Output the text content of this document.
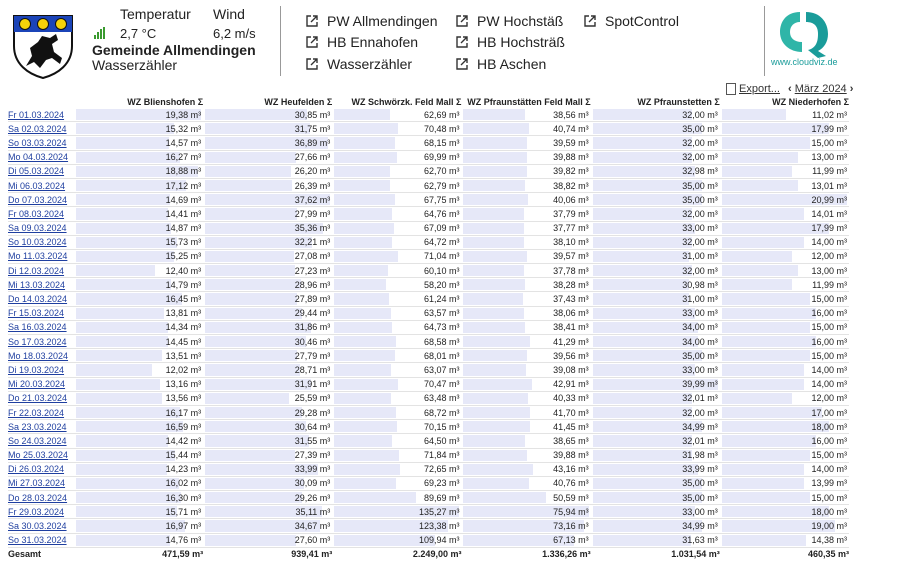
Temperatur Wind
2,7 °C	6,2 m/s
Gemeinde Allmendingen
Wasserzähler
PW Allmendingen
HB Ennahofen
Wasserzähler
PW Hochstäß
HB Hochsträß
HB Aschen
SpotControl
www.cloudviz.de
Export... ‹ März 2024 ›
	WZ Blienshofen Σ	WZ Heufelden Σ	WZ Schwörzk. Feld Mall Σ	WZ Pfraunstätten Feld Mall Σ	WZ Pfraunstetten Σ	WZ Niederhofen Σ
Fr 01.03.2024	19,38 m³	30,85 m³	62,69 m³	38,56 m³	32,00 m³	11,02 m³

Sa 02.03.2024	15,32 m³	31,75 m³	70,48 m³	40,74 m³	35,00 m³	17,99 m³

So 03.03.2024	14,57 m³	36,89 m³	68,15 m³	39,59 m³	32,00 m³	15,00 m³

Mo 04.03.2024	16,27 m³	27,66 m³	69,99 m³	39,88 m³	32,00 m³	13,00 m³

Di 05.03.2024	18,88 m³	26,20 m³	62,70 m³	39,82 m³	32,98 m³	11,99 m³

Mi 06.03.2024	17,12 m³	26,39 m³	62,79 m³	38,82 m³	35,00 m³	13,01 m³

Do 07.03.2024	14,69 m³	37,62 m³	67,75 m³	40,06 m³	35,00 m³	20,99 m³

Fr 08.03.2024	14,41 m³	27,99 m³	64,76 m³	37,79 m³	32,00 m³	14,01 m³

Sa 09.03.2024	14,87 m³	35,36 m³	67,09 m³	37,77 m³	33,00 m³	17,99 m³

So 10.03.2024	15,73 m³	32,21 m³	64,72 m³	38,10 m³	32,00 m³	14,00 m³

Mo 11.03.2024	15,25 m³	27,08 m³	71,04 m³	39,57 m³	31,00 m³	12,00 m³

Di 12.03.2024	12,40 m³	27,23 m³	60,10 m³	37,78 m³	32,00 m³	13,00 m³

Mi 13.03.2024	14,79 m³	28,96 m³	58,20 m³	38,28 m³	30,98 m³	11,99 m³

Do 14.03.2024	16,45 m³	27,89 m³	61,24 m³	37,43 m³	31,00 m³	15,00 m³

Fr 15.03.2024	13,81 m³	29,44 m³	63,57 m³	38,06 m³	33,00 m³	16,00 m³

Sa 16.03.2024	14,34 m³	31,86 m³	64,73 m³	38,41 m³	34,00 m³	15,00 m³

So 17.03.2024	14,45 m³	30,46 m³	68,58 m³	41,29 m³	34,00 m³	16,00 m³

Mo 18.03.2024	13,51 m³	27,79 m³	68,01 m³	39,56 m³	35,00 m³	15,00 m³

Di 19.03.2024	12,02 m³	28,71 m³	63,07 m³	39,08 m³	33,00 m³	14,00 m³

Mi 20.03.2024	13,16 m³	31,91 m³	70,47 m³	42,91 m³	39,99 m³	14,00 m³

Do 21.03.2024	13,56 m³	25,59 m³	63,48 m³	40,33 m³	32,01 m³	12,00 m³

Fr 22.03.2024	16,17 m³	29,28 m³	68,72 m³	41,70 m³	32,00 m³	17,00 m³

Sa 23.03.2024	16,59 m³	30,64 m³	70,15 m³	41,45 m³	34,99 m³	18,00 m³

So 24.03.2024	14,42 m³	31,55 m³	64,50 m³	38,65 m³	32,01 m³	16,00 m³

Mo 25.03.2024	15,44 m³	27,39 m³	71,84 m³	39,88 m³	31,98 m³	15,00 m³

Di 26.03.2024	14,23 m³	33,99 m³	72,65 m³	43,16 m³	33,99 m³	14,00 m³

Mi 27.03.2024	16,02 m³	30,09 m³	69,23 m³	40,76 m³	35,00 m³	13,99 m³

Do 28.03.2024	16,30 m³	29,26 m³	89,69 m³	50,59 m³	35,00 m³	15,00 m³

Fr 29.03.2024	15,71 m³	35,11 m³	135,27 m³	75,94 m³	33,00 m³	18,00 m³

Sa 30.03.2024	16,97 m³	34,67 m³	123,38 m³	73,16 m³	34,99 m³	19,00 m³

So 31.03.2024	14,76 m³	27,60 m³	109,94 m³	67,13 m³	31,63 m³	14,38 m³

Gesamt	471,59 m³	939,41 m³	2.249,00 m³	1.336,26 m³	1.031,54 m³	460,35 m³
